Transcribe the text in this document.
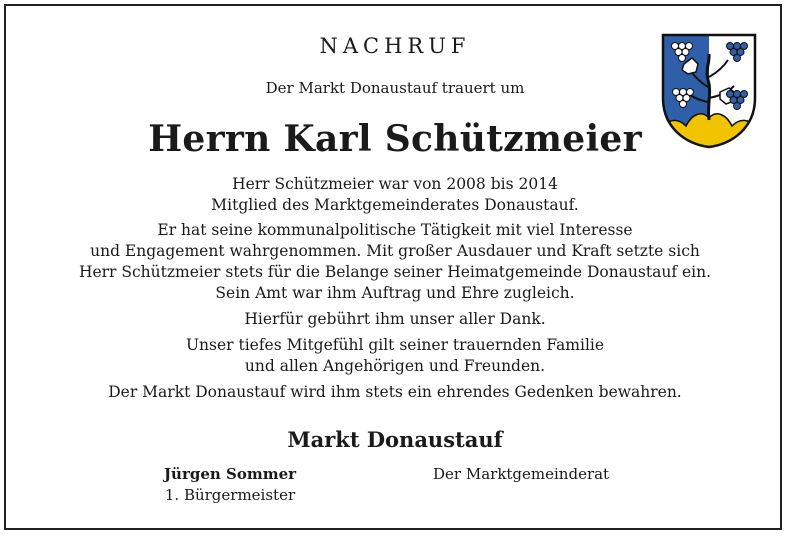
NACHRUF
Der Markt Donaustauf trauert um
Herrn Karl Schützmeier
Herr Schützmeier war von 2008 bis 2014
Mitglied des Marktgemeinderates Donaustauf.
Er hat seine kommunalpolitische Tätigkeit mit viel Interesse
und Engagement wahrgenommen. Mit großer Ausdauer und Kraft setzte sich
Herr Schützmeier stets für die Belange seiner Heimatgemeinde Donaustauf ein.
Sein Amt war ihm Auftrag und Ehre zugleich.
Hierfür gebührt ihm unser aller Dank.
Unser tiefes Mitgefühl gilt seiner trauernden Familie
und allen Angehörigen und Freunden.
Der Markt Donaustauf wird ihm stets ein ehrendes Gedenken bewahren.
Markt Donaustauf
Jürgen Sommer
1. Bürgermeister
Der Marktgemeinderat
